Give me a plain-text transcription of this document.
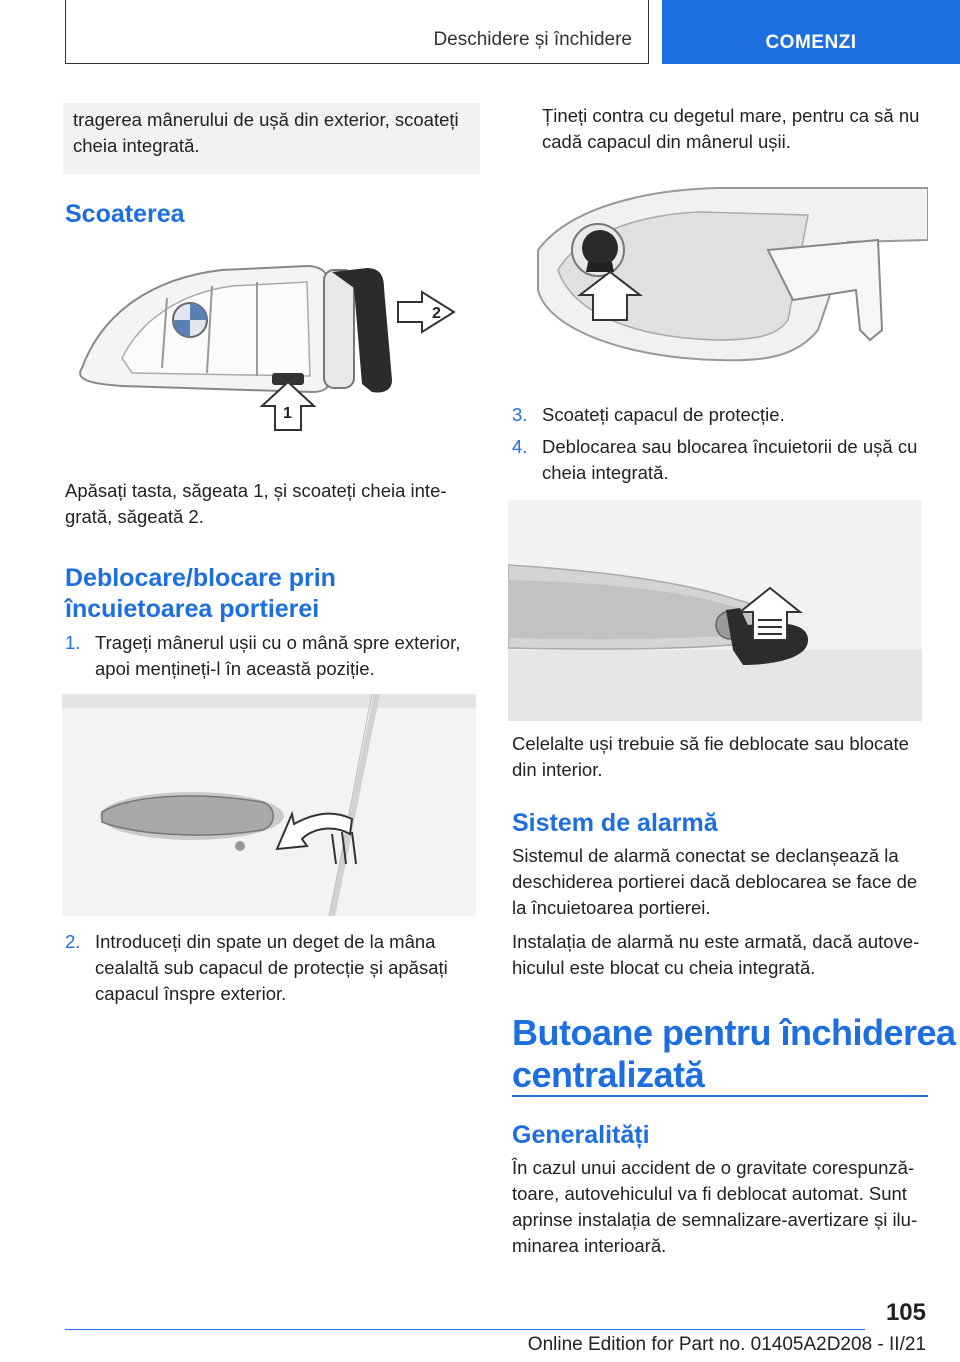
Deschidere și închidere	COMENZI
tragerea mânerului de ușă din exterior, scoateți cheia integrată.
Scoaterea
2
1
Apăsați tasta, săgeata 1, și scoateți cheia inte‐ grată, săgeată 2.
Deblocare/blocare prin
încuietoarea portierei
1. Trageți mânerul ușii cu o mână spre exterior, apoi mențineți-l în această poziție.
2. Introduceți din spate un deget de la mâna cealaltă sub capacul de protecție și apăsați capacul înspre exterior.
Țineți contra cu degetul mare, pentru ca să nu cadă capacul din mânerul ușii.
3. Scoateți capacul de protecție.
4. Deblocarea sau blocarea încuietorii de ușă cu cheia integrată.
Celelalte uși trebuie să fie deblocate sau blocate din interior.
Sistem de alarmă
Sistemul de alarmă conectat se declanșează la deschiderea portierei dacă deblocarea se face de la încuietoarea portierei.
Instalația de alarmă nu este armată, dacă autove‐ hiculul este blocat cu cheia integrată.
Butoane pentru închiderea
centralizată
Generalități
În cazul unui accident de o gravitate corespunză‐ toare, autovehiculul va fi deblocat automat. Sunt aprinse instalația de semnalizare-avertizare și ilu‐ minarea interioară.
105
Online Edition for Part no. 01405A2D208 - II/21
